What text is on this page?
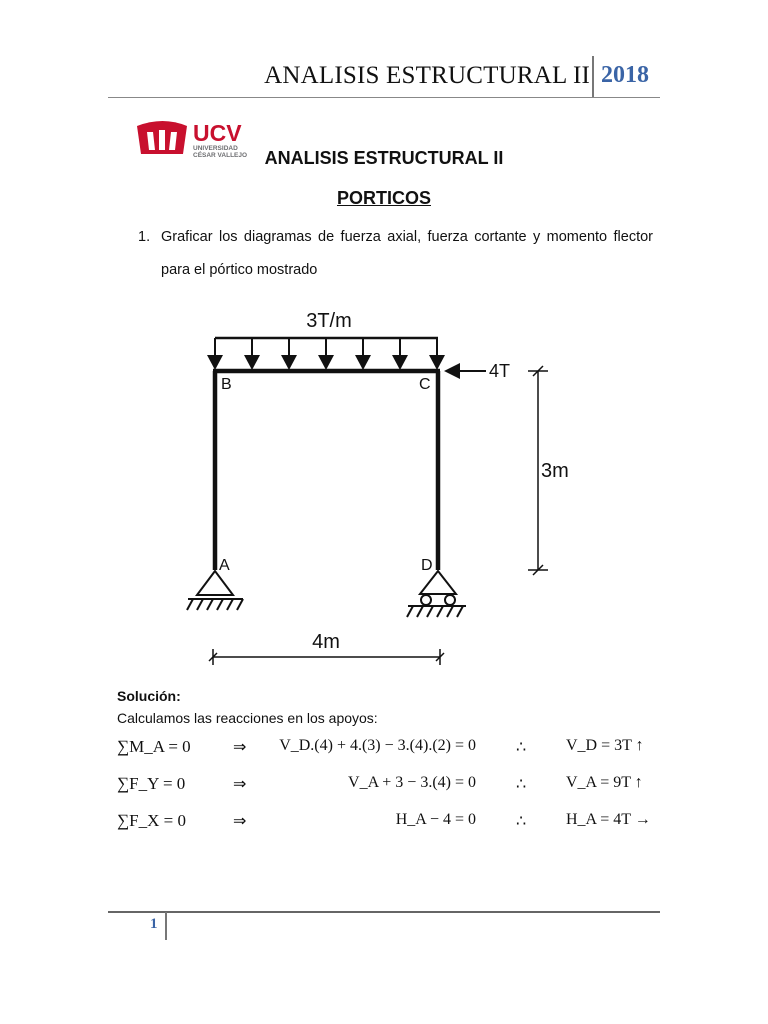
ANALISIS ESTRUCTURAL II 2018
UCV
UNIVERSIDAD
CÉSAR VALLEJO ANALISIS ESTRUCTURAL II
PORTICOS
1. Graficar los diagramas de fuerza axial, fuerza cortante y momento flector
para el pórtico mostrado
3T/m
B	C
A	D
4T
3m
4m
Solución:
Calculamos las reacciones en los apoyos:
∑M_A = 0	⇒ V_D.(4) + 4.(3) − 3.(4).(2) = 0	∴ V_D = 3T ↑
∑F_Y = 0	⇒	V_A + 3 − 3.(4) = 0	∴ V_A = 9T ↑
∑F_X = 0	⇒	H_A − 4 = 0	∴ H_A = 4T →
1
